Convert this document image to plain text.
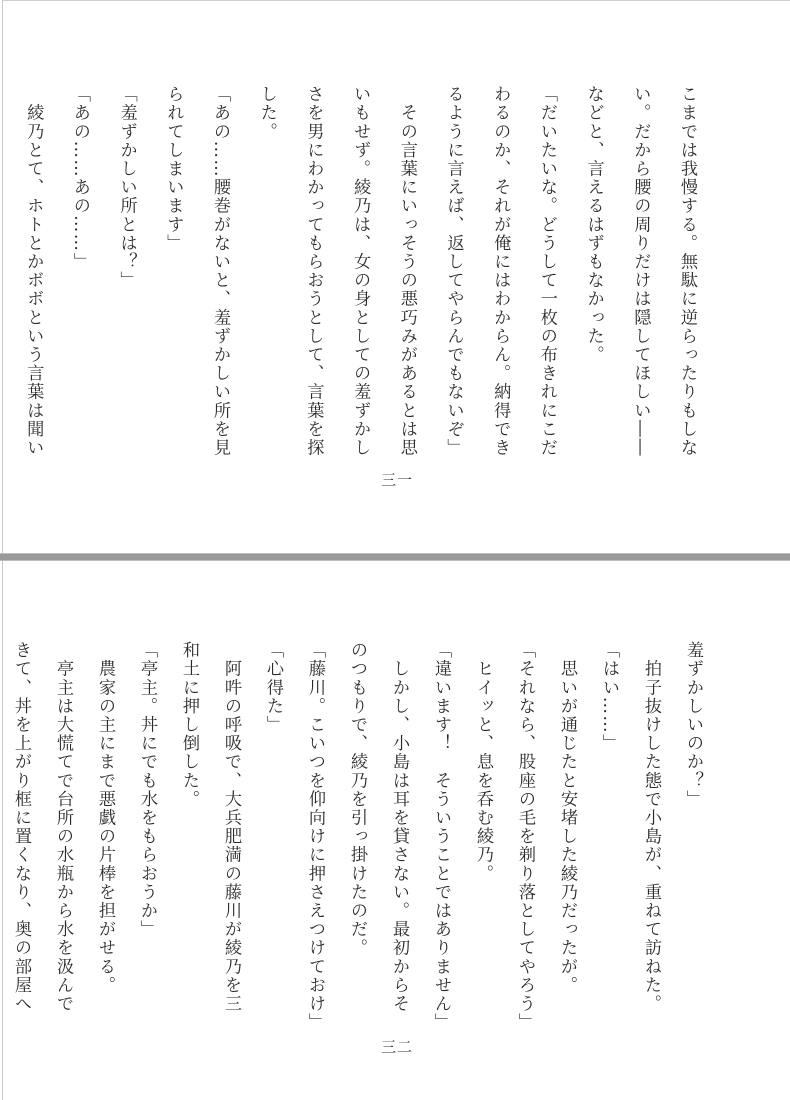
三一
こまでは我慢する。無駄に逆らったりもしな
い。だから腰の周りだけは隠してほしい――
などと、言えるはずもなかった。
「だいたいな。どうして一枚の布きれにこだ
わるのか、それが俺にはわからん。納得でき
るように言えば、返してやらんでもないぞ」
　その言葉にいっそうの悪巧みがあるとは思
いもせず。綾乃は、女の身としての羞ずかし
さを男にわかってもらおうとして、言葉を探
した。
「あの……腰巻がないと、羞ずかしい所を見
られてしまいます」
「羞ずかしい所とは？」
「あの……あの……」
　綾乃とて、ホトとかボボという言葉は聞い
三二
羞ずかしいのか？」
　拍子抜けした態で小島が、重ねて訪ねた。
「はい……」
　思いが通じたと安堵した綾乃だったが。
「それなら、股座の毛を剃り落としてやろう」
　ヒイッと、息を呑む綾乃。
「違います！　そういうことではありません」
　しかし、小島は耳を貸さない。最初からそ
のつもりで、綾乃を引っ掛けたのだ。
「藤川。こいつを仰向けに押さえつけておけ」
「心得た」
　阿吽の呼吸で、大兵肥満の藤川が綾乃を三
和土に押し倒した。
「亭主。丼にでも水をもらおうか」
　農家の主にまで悪戯の片棒を担がせる。
　亭主は大慌てで台所の水瓶から水を汲んで
きて、丼を上がり框に置くなり、奥の部屋へ
